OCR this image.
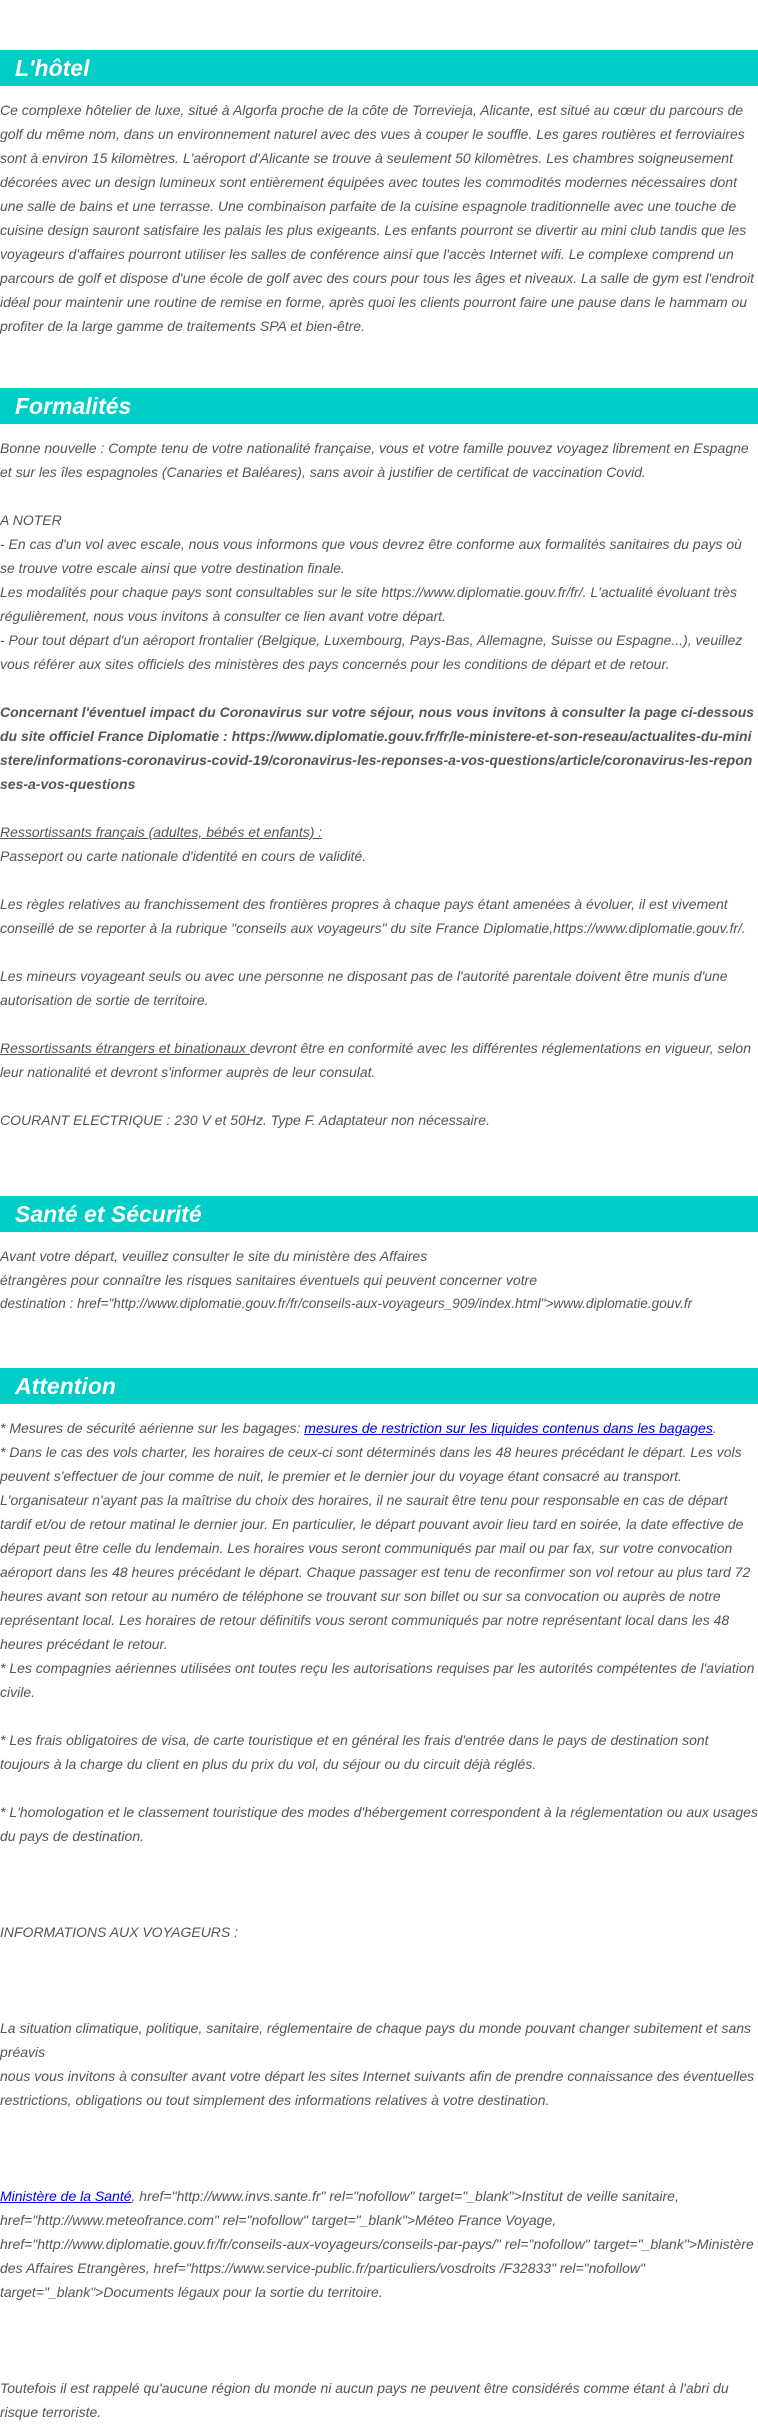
L'hôtel

Ce complexe hôtelier de luxe, situé à Algorfa proche de la côte de Torrevieja, Alicante, est situé au cœur du parcours de golf du même nom, dans un environnement naturel avec des vues à couper le souffle. Les gares routières et ferroviaires sont à environ 15 kilomètres. L'aéroport d'Alicante se trouve à seulement 50 kilomètres. Les chambres soigneusement décorées avec un design lumineux sont entièrement équipées avec toutes les commodités modernes nécessaires dont une salle de bains et une terrasse. Une combinaison parfaite de la cuisine espagnole traditionnelle avec une touche de cuisine design sauront satisfaire les palais les plus exigeants. Les enfants pourront se divertir au mini club tandis que les voyageurs d'affaires pourront utiliser les salles de conférence ainsi que l'accès Internet wifi. Le complexe comprend un parcours de golf et dispose d'une école de golf avec des cours pour tous les âges et niveaux. La salle de gym est l'endroit idéal pour maintenir une routine de remise en forme, après quoi les clients pourront faire une pause dans le hammam ou profiter de la large gamme de traitements SPA et bien-être.

Formalités

Bonne nouvelle : Compte tenu de votre nationalité française, vous et votre famille pouvez voyagez librement en Espagne et sur les îles espagnoles (Canaries et Baléares), sans avoir à justifier de certificat de vaccination Covid.

A NOTER

- En cas d'un vol avec escale, nous vous informons que vous devrez être conforme aux formalités sanitaires du pays où se trouve votre escale ainsi que votre destination finale.

Les modalités pour chaque pays sont consultables sur le site https://www.diplomatie.gouv.fr/fr/. L'actualité évoluant très régulièrement, nous vous invitons à consulter ce lien avant votre départ.

- Pour tout départ d'un aéroport frontalier (Belgique, Luxembourg, Pays-Bas, Allemagne, Suisse ou Espagne...), veuillez vous référer aux sites officiels des ministères des pays concernés pour les conditions de départ et de retour.

Concernant l'éventuel impact du Coronavirus sur votre séjour, nous vous invitons à consulter la page ci-dessous du site officiel France Diplomatie : https://www.diplomatie.gouv.fr/fr/le-ministere-et-son-reseau/actualites-du-ministere/informations-coronavirus-covid-19/coronavirus-les-reponses-a-vos-questions/article/coronavirus-les-reponses-a-vos-questions

Ressortissants français (adultes, bébés et enfants) :

Passeport ou carte nationale d'identité en cours de validité.

Les règles relatives au franchissement des frontières propres à chaque pays étant amenées à évoluer, il est vivement conseillé de se reporter à la rubrique "conseils aux voyageurs" du site France Diplomatie,https://www.diplomatie.gouv.fr/.

Les mineurs voyageant seuls ou avec une personne ne disposant pas de l'autorité parentale doivent être munis d'une autorisation de sortie de territoire.

Ressortissants étrangers et binationaux devront être en conformité avec les différentes réglementations en vigueur, selon leur nationalité et devront s'informer auprès de leur consulat.

COURANT ELECTRIQUE : 230 V et 50Hz. Type F. Adaptateur non nécessaire.

Santé et Sécurité

Avant votre départ, veuillez consulter le site du ministère des Affaires

étrangères pour connaître les risques sanitaires éventuels qui peuvent concerner votre

destination : href="http://www.diplomatie.gouv.fr/fr/conseils-aux-voyageurs_909/index.html">www.diplomatie.gouv.fr

Attention

* Mesures de sécurité aérienne sur les bagages: mesures de restriction sur les liquides contenus dans les bagages.

* Dans le cas des vols charter, les horaires de ceux-ci sont déterminés dans les 48 heures précédant le départ. Les vols peuvent s'effectuer de jour comme de nuit, le premier et le dernier jour du voyage étant consacré au transport. L'organisateur n'ayant pas la maîtrise du choix des horaires, il ne saurait être tenu pour responsable en cas de départ tardif et/ou de retour matinal le dernier jour. En particulier, le départ pouvant avoir lieu tard en soirée, la date effective de départ peut être celle du lendemain. Les horaires vous seront communiqués par mail ou par fax, sur votre convocation aéroport dans les 48 heures précédant le départ. Chaque passager est tenu de reconfirmer son vol retour au plus tard 72 heures avant son retour au numéro de téléphone se trouvant sur son billet ou sur sa convocation ou auprès de notre représentant local. Les horaires de retour définitifs vous seront communiqués par notre représentant local dans les 48 heures précédant le retour.

* Les compagnies aériennes utilisées ont toutes reçu les autorisations requises par les autorités compétentes de l'aviation civile.

* Les frais obligatoires de visa, de carte touristique et en général les frais d'entrée dans le pays de destination sont toujours à la charge du client en plus du prix du vol, du séjour ou du circuit déjà réglés.

* L'homologation et le classement touristique des modes d'hébergement correspondent à la réglementation ou aux usages du pays de destination.

INFORMATIONS AUX VOYAGEURS :

La situation climatique, politique, sanitaire, réglementaire de chaque pays du monde pouvant changer subitement et sans préavis

nous vous invitons à consulter avant votre départ les sites Internet suivants afin de prendre connaissance des éventuelles restrictions, obligations ou tout simplement des informations relatives à votre destination.

Ministère de la Santé, href="http://www.invs.sante.fr" rel="nofollow" target="_blank">Institut de veille sanitaire, href="http://www.meteofrance.com" rel="nofollow" target="_blank">Méteo France Voyage, href="http://www.diplomatie.gouv.fr/fr/conseils-aux-voyageurs/conseils-par-pays/" rel="nofollow" target="_blank">Ministère des Affaires Etrangères, href="https://www.service-public.fr/particuliers/vosdroits /F32833" rel="nofollow" target="_blank">Documents légaux pour la sortie du territoire.

Toutefois il est rappelé qu'aucune région du monde ni aucun pays ne peuvent être considérés comme étant à l'abri du risque terroriste.
